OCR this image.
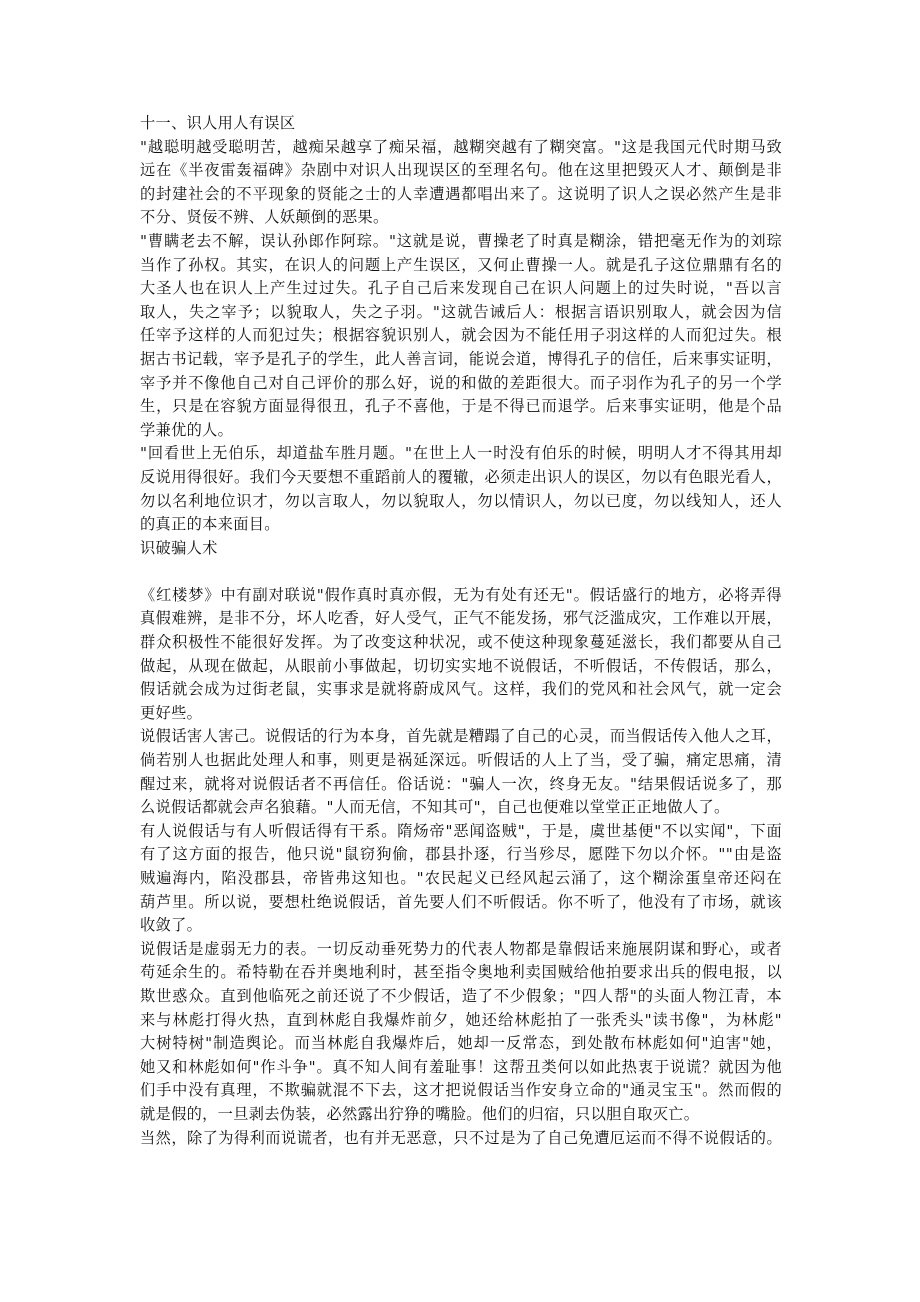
十一、识人用人有误区
"越聪明越受聪明苦，越痴呆越享了痴呆福，越糊突越有了糊突富。"这是我国元代时期马致
远在《半夜雷轰福碑》杂剧中对识人出现误区的至理名句。他在这里把毁灭人才、颠倒是非
的封建社会的不平现象的贤能之士的人幸遭遇都唱出来了。这说明了识人之误必然产生是非
不分、贤佞不辨、人妖颠倒的恶果。
"曹瞒老去不解，误认孙郎作阿琮。"这就是说，曹操老了时真是糊涂，错把毫无作为的刘琮
当作了孙权。其实，在识人的问题上产生误区，又何止曹操一人。就是孔子这位鼎鼎有名的
大圣人也在识人上产生过过失。孔子自己后来发现自己在识人问题上的过失时说，"吾以言
取人，失之宰予；以貌取人，失之子羽。"这就告诫后人：根据言语识别取人，就会因为信
任宰予这样的人而犯过失；根据容貌识别人，就会因为不能任用子羽这样的人而犯过失。根
据古书记载，宰予是孔子的学生，此人善言词，能说会道，博得孔子的信任，后来事实证明，
宰予并不像他自己对自己评价的那么好，说的和做的差距很大。而子羽作为孔子的另一个学
生，只是在容貌方面显得很丑，孔子不喜他，于是不得已而退学。后来事实证明，他是个品
学兼优的人。
"回看世上无伯乐，却道盐车胜月题。"在世上人一时没有伯乐的时候，明明人才不得其用却
反说用得很好。我们今天要想不重蹈前人的覆辙，必须走出识人的误区，勿以有色眼光看人，
勿以名利地位识才，勿以言取人，勿以貌取人，勿以情识人，勿以已度，勿以线知人，还人
的真正的本来面目。
识破骗人术
《红楼梦》中有副对联说"假作真时真亦假，无为有处有还无"。假话盛行的地方，必将弄得
真假难辨，是非不分，坏人吃香，好人受气，正气不能发扬，邪气泛滥成灾，工作难以开展，
群众积极性不能很好发挥。为了改变这种状况，或不使这种现象蔓延滋长，我们都要从自己
做起，从现在做起，从眼前小事做起，切切实实地不说假话，不听假话，不传假话，那么，
假话就会成为过街老鼠，实事求是就将蔚成风气。这样，我们的党风和社会风气，就一定会
更好些。
说假话害人害己。说假话的行为本身，首先就是糟蹋了自己的心灵，而当假话传入他人之耳，
倘若别人也据此处理人和事，则更是祸延深远。听假话的人上了当，受了骗，痛定思痛，清
醒过来，就将对说假话者不再信任。俗话说："骗人一次，终身无友。"结果假话说多了，那
么说假话都就会声名狼藉。"人而无信，不知其可"，自己也便难以堂堂正正地做人了。
有人说假话与有人听假话得有干系。隋炀帝"恶闻盗贼"，于是，虞世基便"不以实闻"，下面
有了这方面的报告，他只说"鼠窃狗偷，郡县扑逐，行当殄尽，愿陛下勿以介怀。""由是盗
贼遍海内，陷没郡县，帝皆弗这知也。"农民起义已经风起云涌了，这个糊涂蛋皇帝还闷在
葫芦里。所以说，要想杜绝说假话，首先要人们不听假话。你不听了，他没有了市场，就该
收敛了。
说假话是虚弱无力的表。一切反动垂死势力的代表人物都是靠假话来施展阴谋和野心，或者
苟延余生的。希特勒在吞并奥地利时，甚至指令奥地利卖国贼给他拍要求出兵的假电报，以
欺世惑众。直到他临死之前还说了不少假话，造了不少假象；"四人帮"的头面人物江青，本
来与林彪打得火热，直到林彪自我爆炸前夕，她还给林彪拍了一张秃头"读书像"，为林彪"
大树特树"制造舆论。而当林彪自我爆炸后，她却一反常态，到处散布林彪如何"迫害"她，
她又和林彪如何"作斗争"。真不知人间有羞耻事！这帮丑类何以如此热衷于说谎？就因为他
们手中没有真理，不欺骗就混不下去，这才把说假话当作安身立命的"通灵宝玉"。然而假的
就是假的，一旦剥去伪装，必然露出狞狰的嘴脸。他们的归宿，只以胆自取灭亡。
当然，除了为得利而说谎者，也有并无恶意，只不过是为了自己免遭厄运而不得不说假话的。
